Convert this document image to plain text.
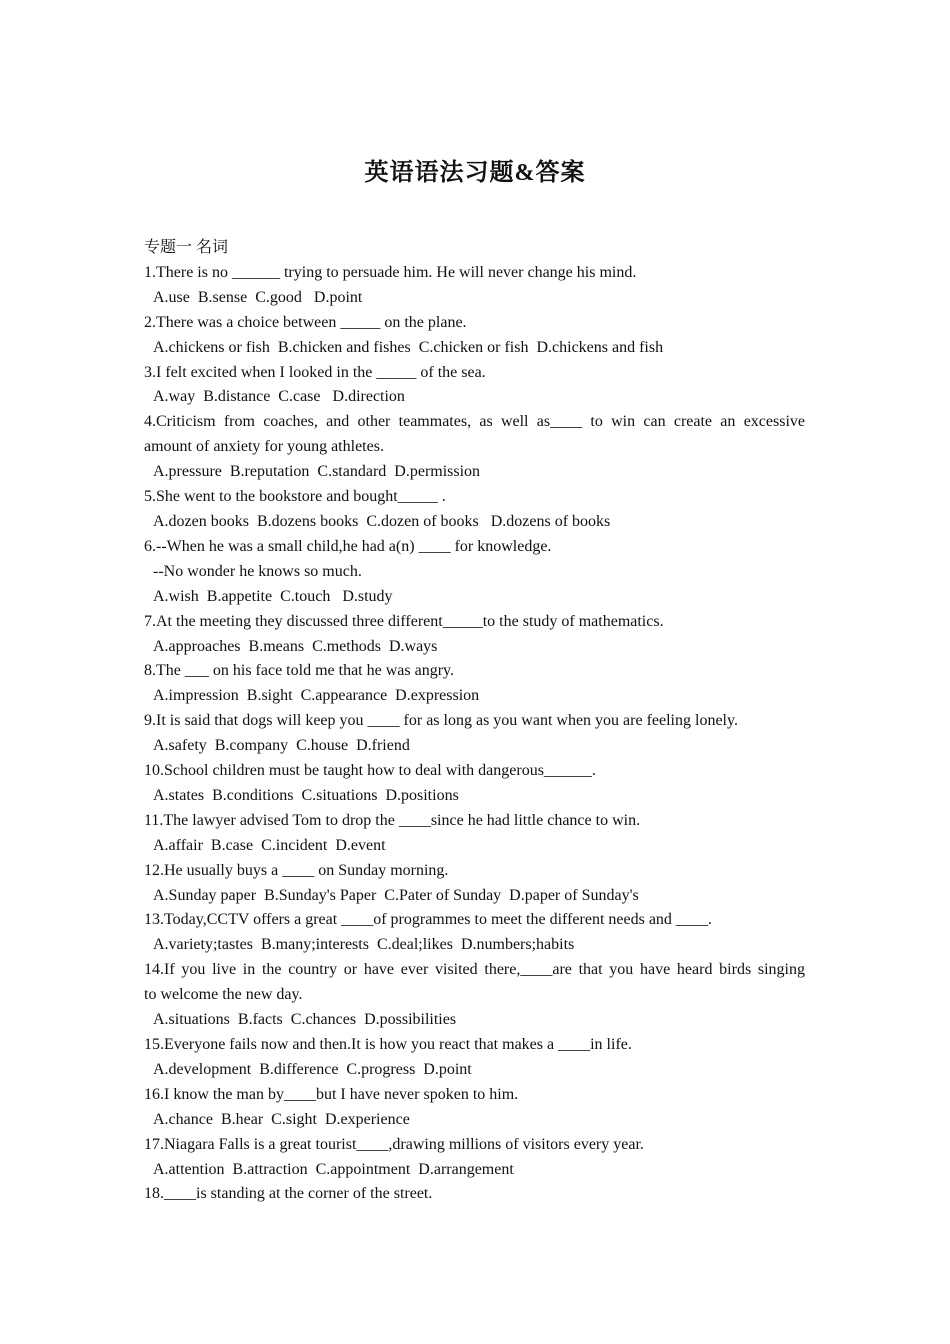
英语语法习题&答案
专题一 名词
1.There is no ______ trying to persuade him. He will never change his mind.
A.use  B.sense  C.good   D.point
2.There was a choice between _____ on the plane.
A.chickens or fish  B.chicken and fishes  C.chicken or fish  D.chickens and fish
3.I felt excited when I looked in the _____ of the sea.
A.way  B.distance  C.case   D.direction
4.Criticism from coaches, and other teammates, as well as____ to win can create an excessive
amount of anxiety for young athletes.
A.pressure  B.reputation  C.standard  D.permission
5.She went to the bookstore and bought_____ .
A.dozen books  B.dozens books  C.dozen of books   D.dozens of books
6.--When he was a small child,he had a(n) ____ for knowledge.
--No wonder he knows so much.
A.wish  B.appetite  C.touch   D.study
7.At the meeting they discussed three different_____to the study of mathematics.
A.approaches  B.means  C.methods  D.ways
8.The ___ on his face told me that he was angry.
A.impression  B.sight  C.appearance  D.expression
9.It is said that dogs will keep you ____ for as long as you want when you are feeling lonely.
A.safety  B.company  C.house  D.friend
10.School children must be taught how to deal with dangerous______.
A.states  B.conditions  C.situations  D.positions
11.The lawyer advised Tom to drop the ____since he had little chance to win.
A.affair  B.case  C.incident  D.event
12.He usually buys a ____ on Sunday morning.
A.Sunday paper  B.Sunday's Paper  C.Pater of Sunday  D.paper of Sunday's
13.Today,CCTV offers a great ____of programmes to meet the different needs and ____.
A.variety;tastes  B.many;interests  C.deal;likes  D.numbers;habits
14.If you live in the country or have ever visited there,____are that you have heard birds singing
to welcome the new day.
A.situations  B.facts  C.chances  D.possibilities
15.Everyone fails now and then.It is how you react that makes a ____in life.
A.development  B.difference  C.progress  D.point
16.I know the man by____but I have never spoken to him.
A.chance  B.hear  C.sight  D.experience
17.Niagara Falls is a great tourist____,drawing millions of visitors every year.
A.attention  B.attraction  C.appointment  D.arrangement
18.____is standing at the corner of the street.
